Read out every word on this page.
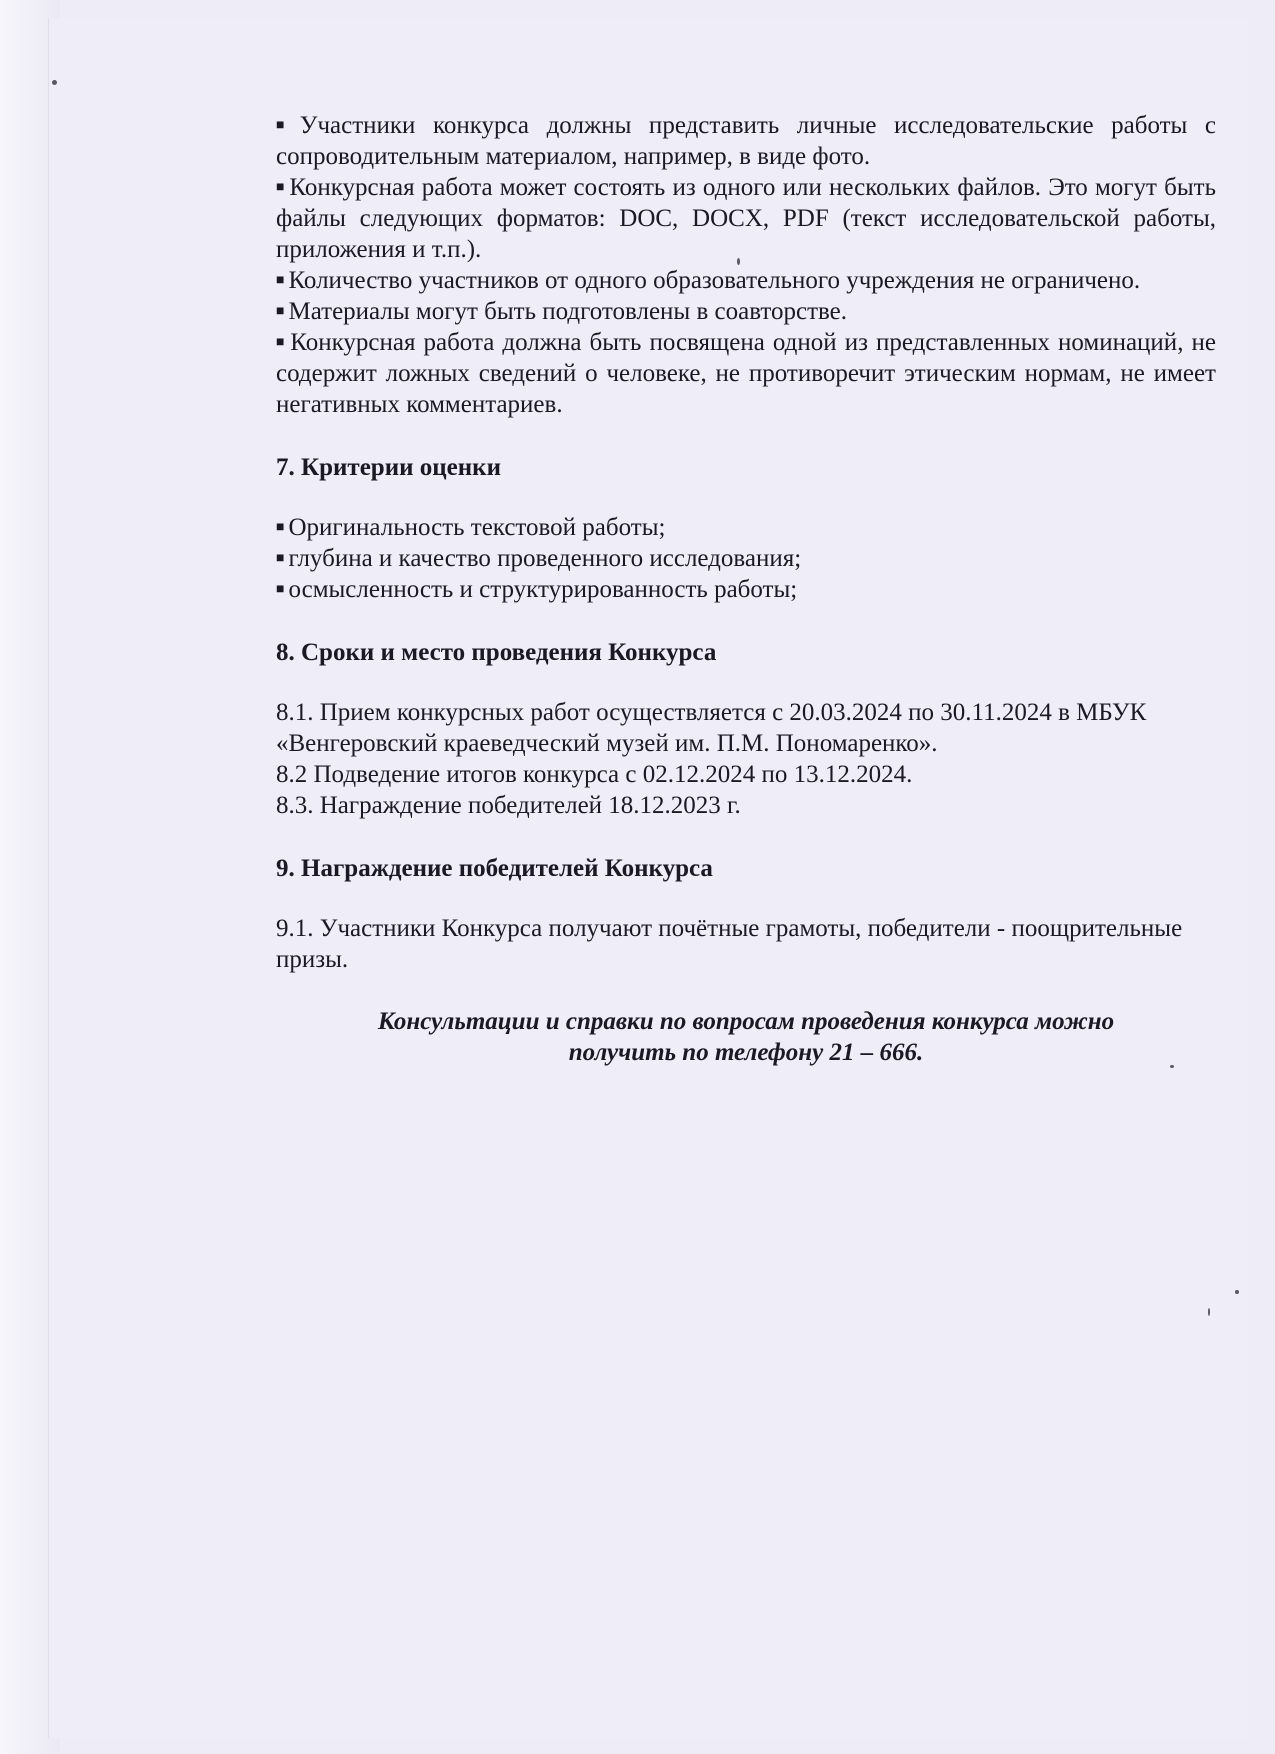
■ Участники конкурса должны представить личные исследовательские работы с сопроводительным материалом, например, в виде фото.

■ Конкурсная работа может состоять из одного или нескольких файлов. Это могут быть файлы следующих форматов: DOC, DOCX, PDF (текст исследовательской работы, приложения и т.п.).

■ Количество участников от одного образовательного учреждения не ограничено.

■ Материалы могут быть подготовлены в соавторстве.

■ Конкурсная работа должна быть посвящена одной из представленных номинаций, не содержит ложных сведений о человеке, не противоречит этическим нормам, не имеет негативных комментариев.

7. Критерии оценки

■ Оригинальность текстовой работы;

■ глубина и качество проведенного исследования;

■ осмысленность и структурированность работы;

8. Сроки и место проведения Конкурса

8.1. Прием конкурсных работ осуществляется с 20.03.2024 по 30.11.2024 в МБУК «Венгеровский краеведческий музей им. П.М. Пономаренко».

8.2 Подведение итогов конкурса с 02.12.2024 по 13.12.2024.

8.3. Награждение победителей 18.12.2023 г.

9. Награждение победителей Конкурса

9.1. Участники Конкурса получают почётные грамоты, победители - поощрительные призы.

Консультации и справки по вопросам проведения конкурса можно
получить по телефону 21 – 666.
